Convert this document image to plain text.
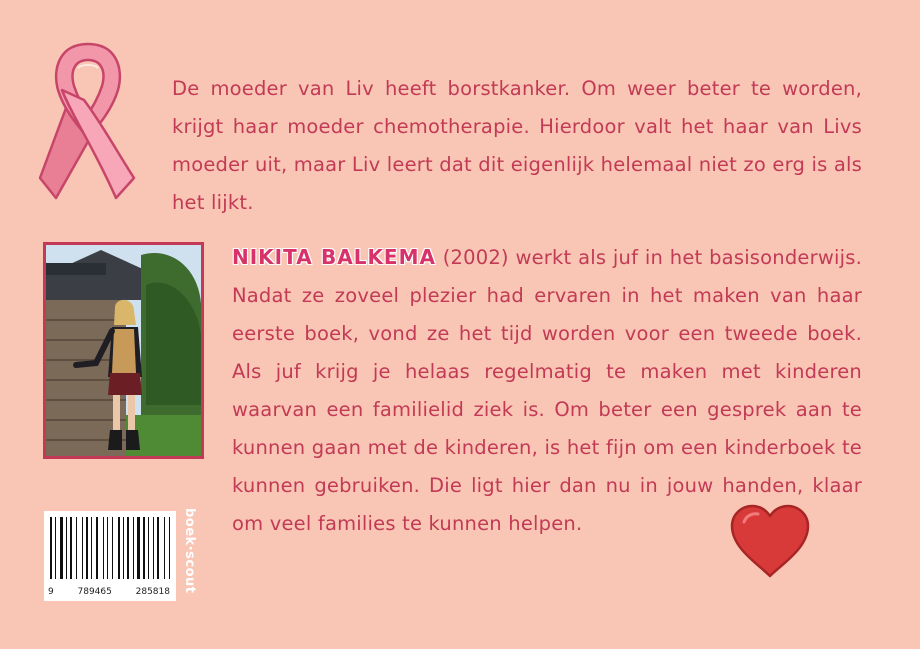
De moeder van Liv heeft borstkanker. Om weer beter te worden, krijgt haar moeder chemotherapie. Hierdoor valt het haar van Livs moeder uit, maar Liv leert dat dit eigenlijk helemaal niet zo erg is als het lijkt.
NIKITA BALKEMA (2002) werkt als juf in het basisonderwijs. Nadat ze zoveel plezier had ervaren in het maken van haar eerste boek, vond ze het tijd worden voor een tweede boek. Als juf krijg je helaas regelmatig te maken met kinderen waarvan een familielid ziek is. Om beter een gesprek aan te kunnen gaan met de kinderen, is het fijn om een kinderboek te kunnen gebruiken. Die ligt hier dan nu in jouw handen, klaar om veel families te kunnen helpen.
9	789465	285818 boek·scout
